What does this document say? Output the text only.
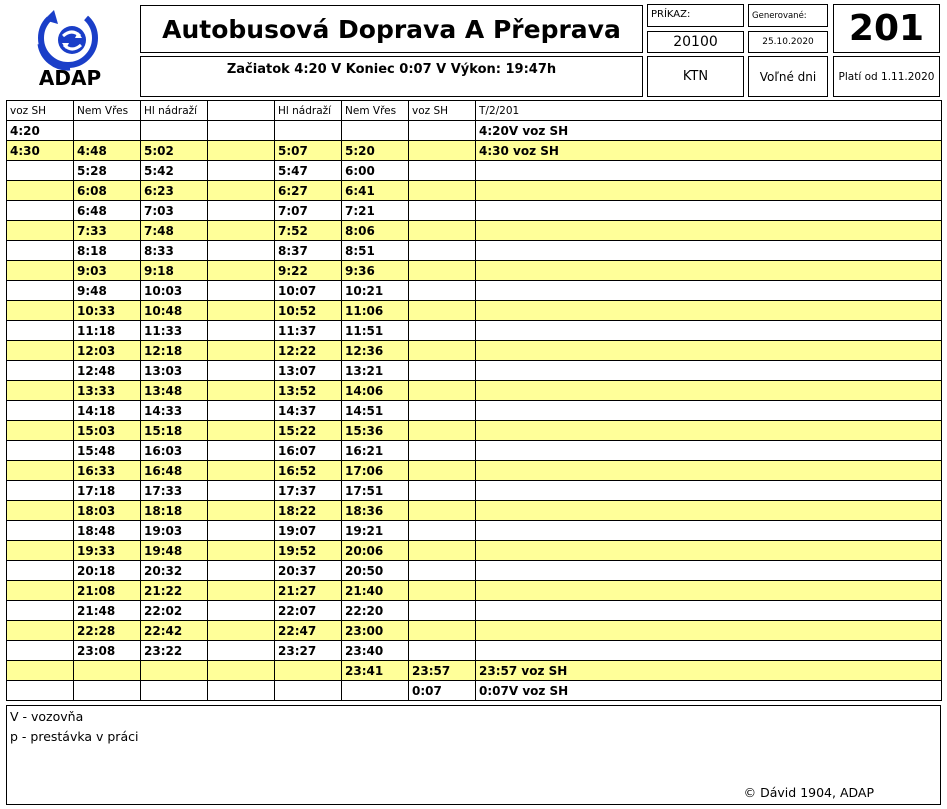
ADAP
Autobusová Doprava A Přeprava
Začiatok 4:20 V Koniec 0:07 V Výkon: 19:47h
PRÍKAZ:
20100
Generované:
25.10.2020 201
KTN	Voľné dni	Platí od 1.11.2020
voz SH	Nem Vřes	Hl nádraží		Hl nádraží	Nem Vřes	voz SH	T/2/201
4:20							4:20V voz SH
4:30	4:48	5:02		5:07	5:20		4:30 voz SH
	5:28	5:42		5:47	6:00		
	6:08	6:23		6:27	6:41		
	6:48	7:03		7:07	7:21		
	7:33	7:48		7:52	8:06		
	8:18	8:33		8:37	8:51		
	9:03	9:18		9:22	9:36		
	9:48	10:03		10:07	10:21		
	10:33	10:48		10:52	11:06		
	11:18	11:33		11:37	11:51		
	12:03	12:18		12:22	12:36		
	12:48	13:03		13:07	13:21		
	13:33	13:48		13:52	14:06		
	14:18	14:33		14:37	14:51		
	15:03	15:18		15:22	15:36		
	15:48	16:03		16:07	16:21		
	16:33	16:48		16:52	17:06		
	17:18	17:33		17:37	17:51		
	18:03	18:18		18:22	18:36		
	18:48	19:03		19:07	19:21		
	19:33	19:48		19:52	20:06		
	20:18	20:32		20:37	20:50		
	21:08	21:22		21:27	21:40		
	21:48	22:02		22:07	22:20		
	22:28	22:42		22:47	23:00		
	23:08	23:22		23:27	23:40		
					23:41	23:57	23:57 voz SH
						0:07	0:07V voz SH
V - vozovňa
p - prestávka v práci
© Dávid 1904, ADAP
